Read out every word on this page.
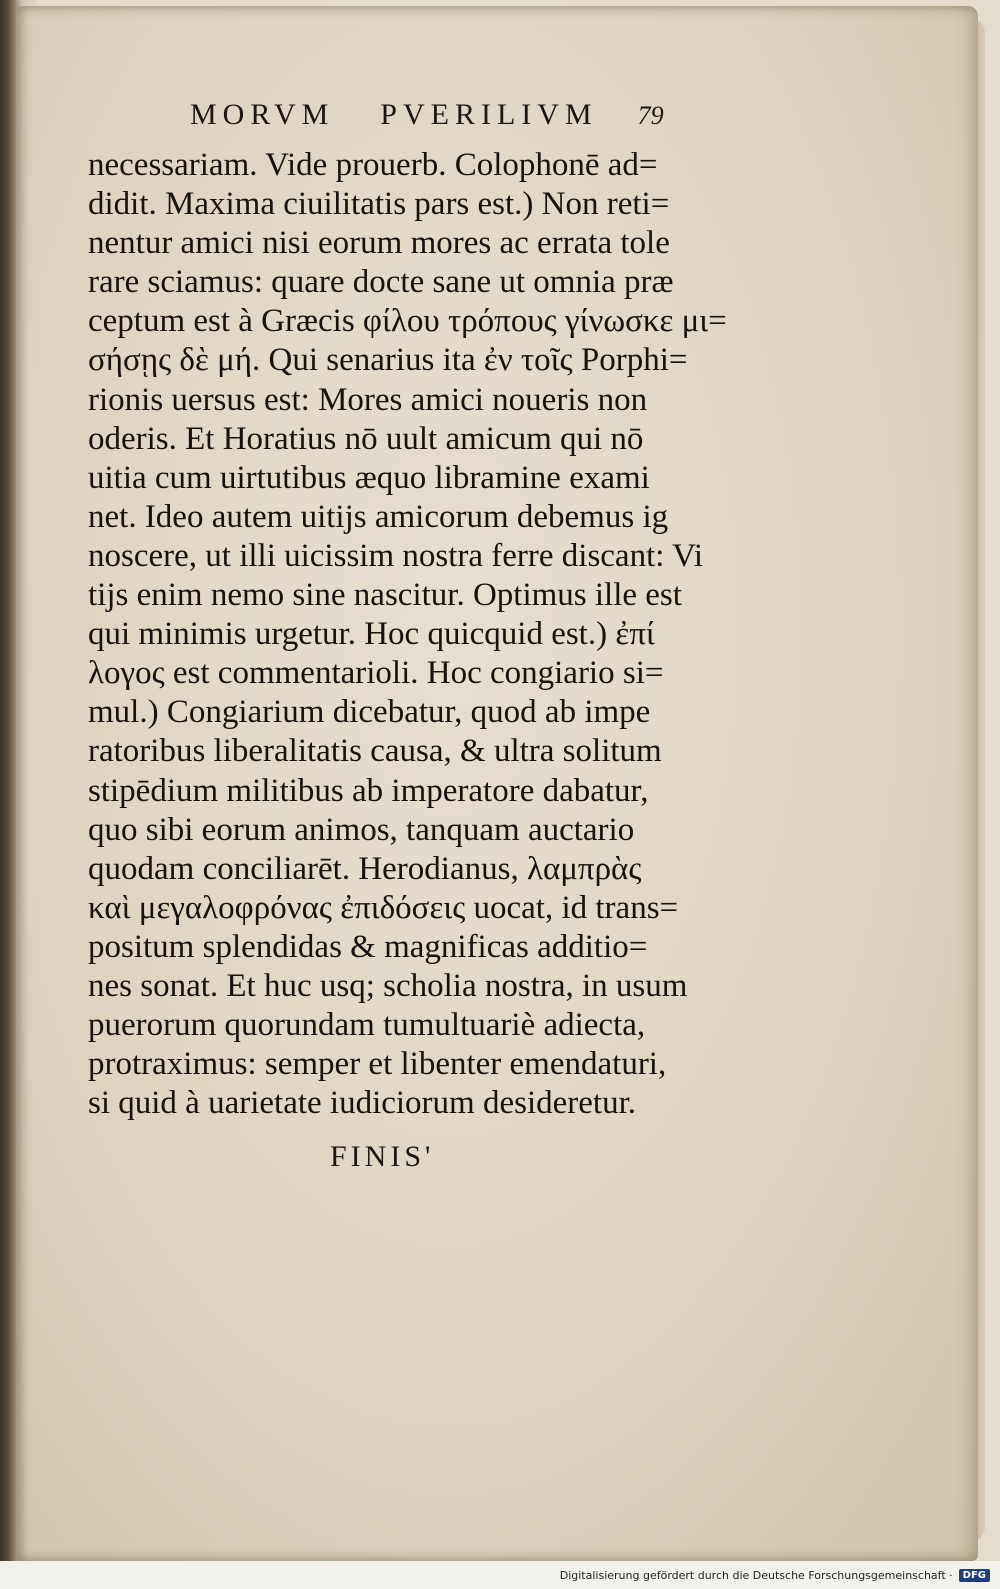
MORVM PVERILIVM 79
necessariam. Vide prouerb. Colophonē ad=
didit. Maxima ciuilitatis pars est.) Non reti=
nentur amici nisi eorum mores ac errata tole
rare sciamus: quare docte sane ut omnia præ
ceptum est à Græcis φίλου τρόπους γίνωσκε μι=
σήσῃς δὲ μή. Qui senarius ita ἐν τοῖς Porphi=
rionis uersus est: Mores amici noueris non
oderis. Et Horatius nō uult amicum qui nō
uitia cum uirtutibus æquo libramine exami
net. Ideo autem uitijs amicorum debemus ig
noscere, ut illi uicissim nostra ferre discant: Vi
tijs enim nemo sine nascitur. Optimus ille est
qui minimis urgetur. Hoc quicquid est.) ἐπί
λογος est commentarioli. Hoc congiario si=
mul.) Congiarium dicebatur, quod ab impe
ratoribus liberalitatis causa, & ultra solitum
stipēdium militibus ab imperatore dabatur,
quo sibi eorum animos, tanquam auctario
quodam conciliarēt. Herodianus, λαμπρὰς
καὶ μεγαλοφρόνας ἐπιδόσεις uocat, id trans=
positum splendidas & magnificas additio=
nes sonat. Et huc usq; scholia nostra, in usum
puerorum quorundam tumultuariè adiecta,
protraximus: semper et libenter emendaturi,
si quid à uarietate iudiciorum desideretur.
FINIS'
Digitalisierung gefördert durch die Deutsche Forschungsgemeinschaft ·	DFG
